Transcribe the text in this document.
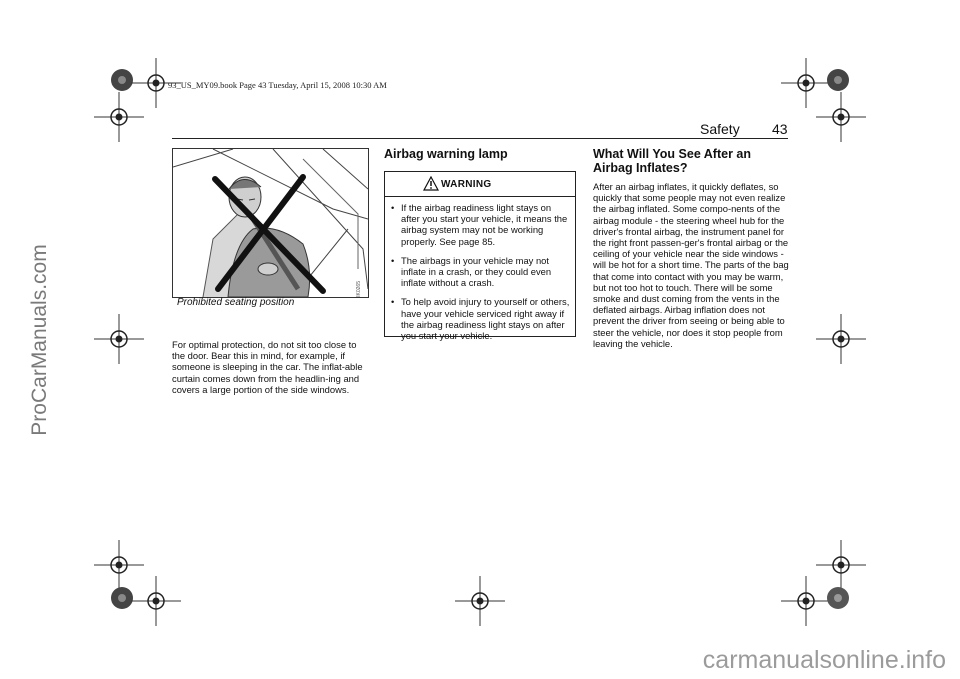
ProCarManuals.com
carmanualsonline.info
93_US_MY09.book Page 43 Tuesday, April 15, 2008 10:30 AM
Safety 43
IK0265
Prohibited seating position
For optimal protection, do not sit too close to the door. Bear this in mind, for example, if someone is sleeping in the car. The inflat-able curtain comes down from the headlin-ing and covers a large portion of the side windows.
Airbag warning lamp
WARNING
• If the airbag readiness light stays on after you start your vehicle, it means the airbag system may not be working properly. See page 85.
• The airbags in your vehicle may not inflate in a crash, or they could even inflate without a crash.
• To help avoid injury to yourself or others, have your vehicle serviced right away if the airbag readiness light stays on after you start your vehicle.
What Will You See After an Airbag Inflates?
After an airbag inflates, it quickly deflates, so quickly that some people may not even realize the airbag inflated. Some compo-nents of the airbag module - the steering wheel hub for the driver's frontal airbag, the instrument panel for the right front passen-ger's frontal airbag or the ceiling of your vehicle near the side windows - will be hot for a short time. The parts of the bag that come into contact with you may be warm, but not too hot to touch. There will be some smoke and dust coming from the vents in the deflated airbags. Airbag inflation does not prevent the driver from seeing or being able to steer the vehicle, nor does it stop people from leaving the vehicle.
